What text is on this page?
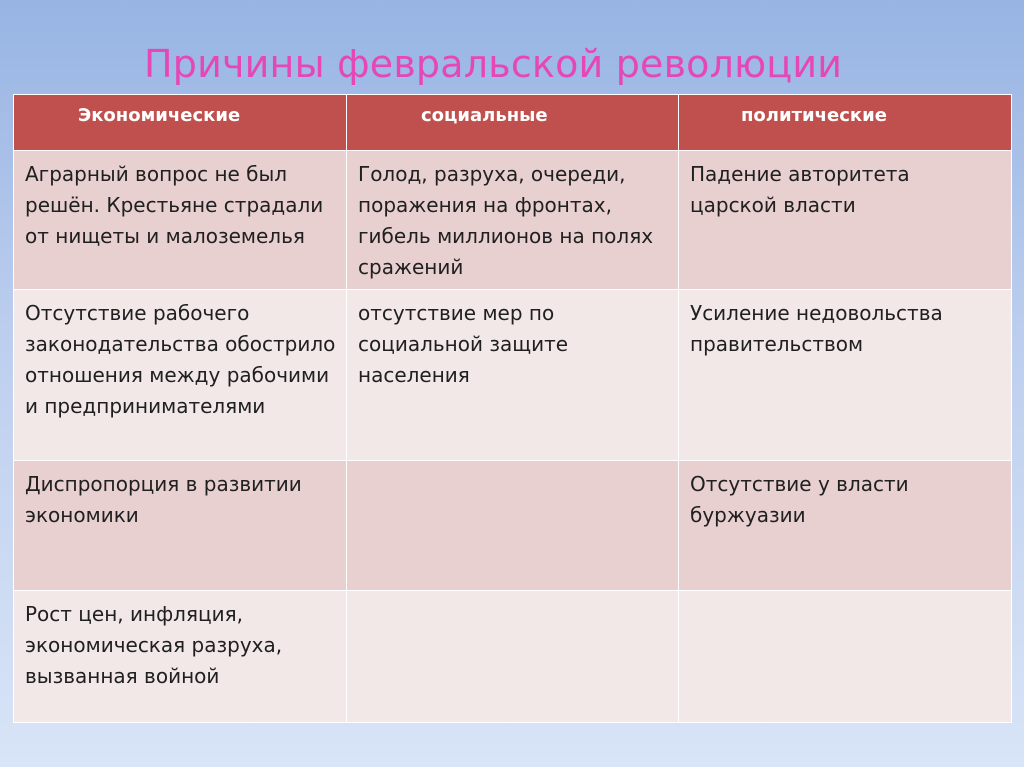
Причины февральской революции
Экономические	социальные	политические

Аграрный вопрос не был решён. Крестьяне страдали от нищеты и малоземелья	Голод, разруха, очереди, поражения на фронтах, гибель миллионов на полях сражений	Падение авторитета царской власти
Отсутствие рабочего законодательства обострило отношения между рабочими и предпринимателями	отсутствие мер по социальной защите населения	Усиление недовольства правительством
Диспропорция в развитии экономики		Отсутствие у власти буржуазии
Рост цен, инфляция, экономическая разруха, вызванная войной		
